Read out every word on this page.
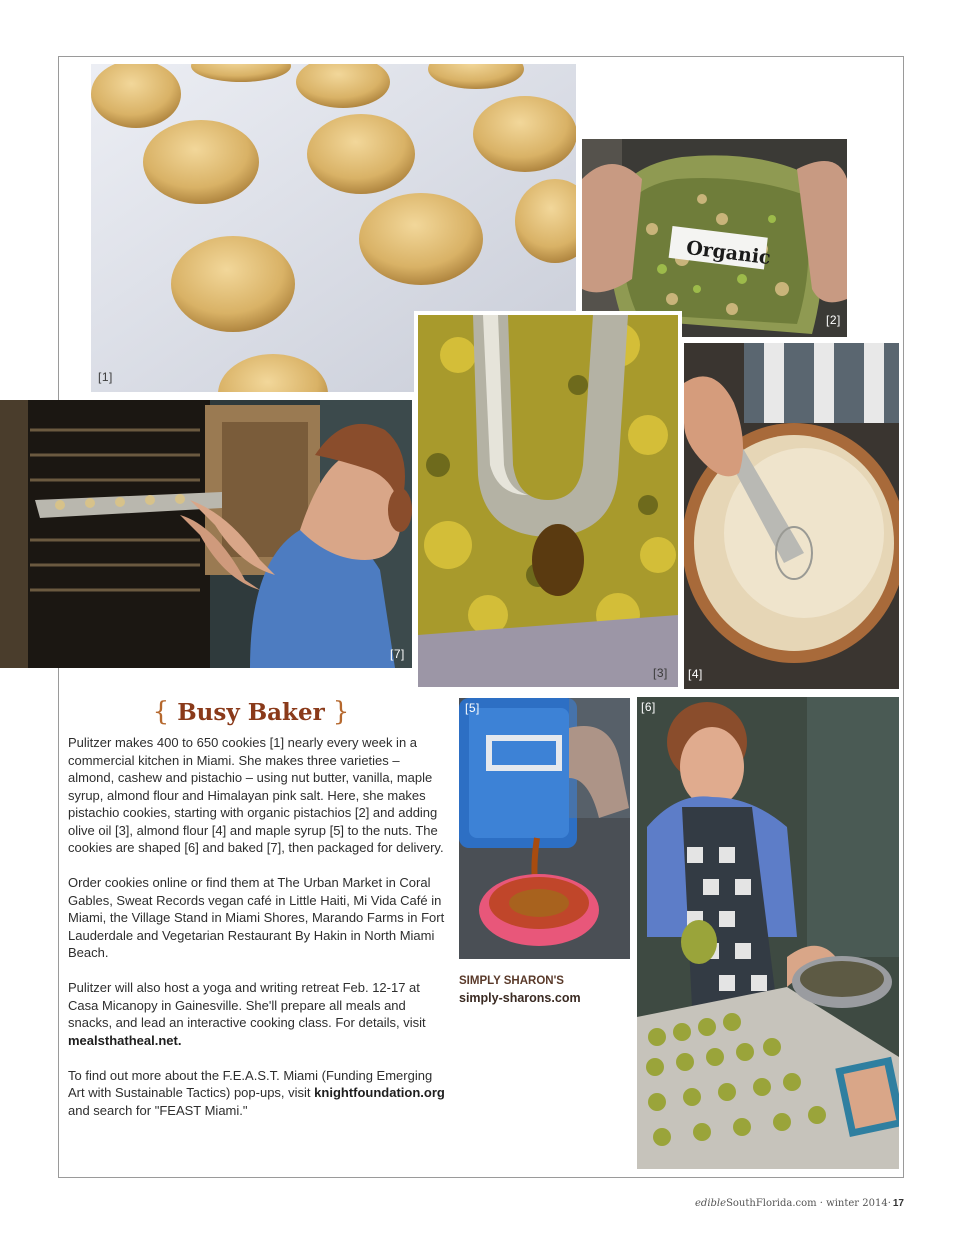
[1]
Organic
[2]
[7]
[3] [4]
[5]	[6]
{ Busy Baker }

Pulitzer makes 400 to 650 cookies [1] nearly every week in a commercial kitchen in Miami. She makes three varieties – almond, cashew and pistachio – using nut butter, vanilla, maple syrup, almond flour and Himalayan pink salt. Here, she makes pistachio cookies, starting with organic pistachios [2] and adding olive oil [3], almond flour [4] and maple syrup [5] to the nuts. The cookies are shaped [6] and baked [7], then packaged for delivery.

Order cookies online or find them at The Urban Market in Coral Gables, Sweat Records vegan café in Little Haiti, Mi Vida Café in Miami, the Village Stand in Miami Shores, Marando Farms in Fort Lauderdale and Vegetarian Restaurant By Hakin in North Miami Beach.

Pulitzer will also host a yoga and writing retreat Feb. 12-17 at Casa Micanopy in Gainesville. She'll prepare all meals and snacks, and lead an interactive cooking class. For details, visit mealsthatheal.net.

To find out more about the F.E.A.S.T. Miami (Funding Emerging Art with Sustainable Tactics) pop-ups, visit knightfoundation.org and search for "FEAST Miami."

SIMPLY SHARON'S
simply-sharons.com
edibleSouthFlorida.com · winter 2014· 17
